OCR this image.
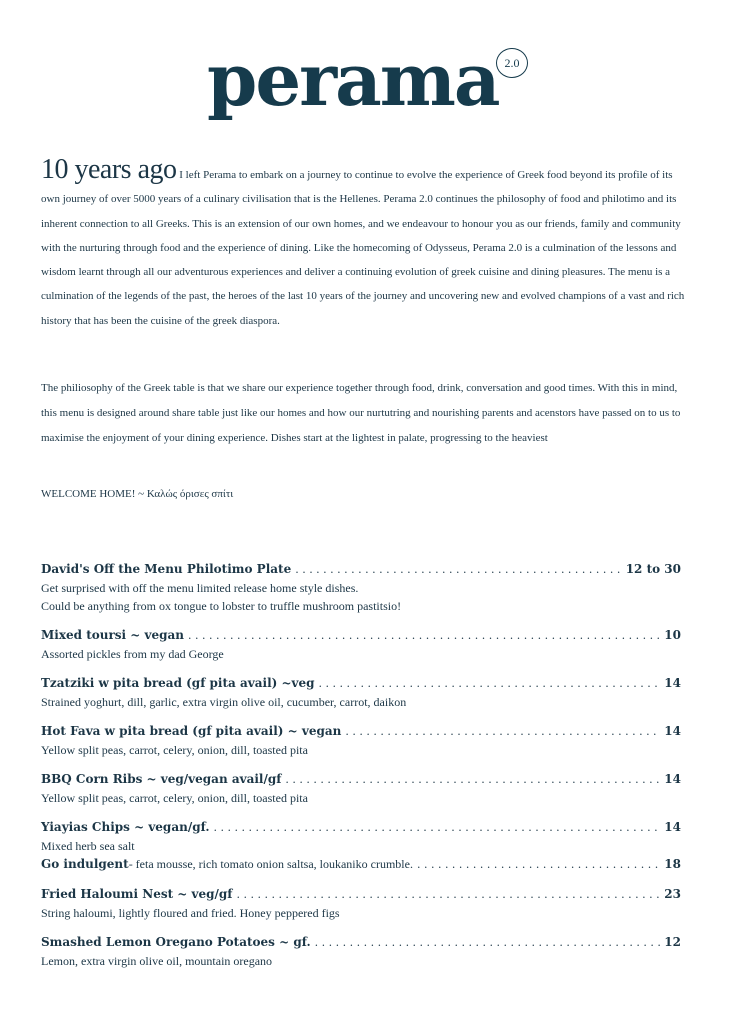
perama 2.0

10 years ago I left Perama to embark on a journey to continue to evolve the experience of Greek food beyond its profile of its own journey of over 5000 years of a culinary civilisation that is the Hellenes. Perama 2.0 continues the philosophy of food and philotimo and its inherent connection to all Greeks. This is an extension of our own homes, and we endeavour to honour you as our friends, family and community with the nurturing through food and the experience of dining. Like the homecoming of Odysseus, Perama 2.0 is a culmination of the lessons and wisdom learnt through all our adventurous experiences and deliver a continuing evolution of greek cuisine and dining pleasures. The menu is a culmination of the legends of the past, the heroes of the last 10 years of the journey and uncovering new and evolved champions of a vast and rich history that has been the cuisine of the greek diaspora.

The philiosophy of the Greek table is that we share our experience together through food, drink, conversation and good times. With this in mind, this menu is designed around share table just like our homes and how our nurtutring and nourishing parents and acenstors have passed on to us to maximise the enjoyment of your dining experience. Dishes start at the lightest in palate, progressing to the heaviest
WELCOME HOME! ~ Καλώς όρισες σπίτι
David's Off the Menu Philotimo Plate . . .	12 to 30
Get surprised with off the menu limited release home style dishes.
Could be anything from ox tongue to lobster to truffle mushroom pastitsio!
Mixed toursi ~ vegan . . .	10
Assorted pickles from my dad George
Tzatziki w pita bread (gf pita avail) ~veg . . .	14
Strained yoghurt, dill, garlic, extra virgin olive oil, cucumber, carrot, daikon
Hot Fava w pita bread (gf pita avail) ~ vegan . . .	14
Yellow split peas, carrot, celery, onion, dill, toasted pita
BBQ Corn Ribs ~ veg/vegan avail/gf . . .	14
Yellow split peas, carrot, celery, onion, dill, toasted pita
Yiayias Chips ~ vegan/gf. . . .	14
Mixed herb sea salt
Go indulgent - feta mousse, rich tomato onion saltsa, loukaniko crumble. . . .	18
Fried Haloumi Nest ~ veg/gf . . .	23
String haloumi, lightly floured and fried. Honey peppered figs
Smashed Lemon Oregano Potatoes ~ gf. . . .	12
Lemon, extra virgin olive oil, mountain oregano
